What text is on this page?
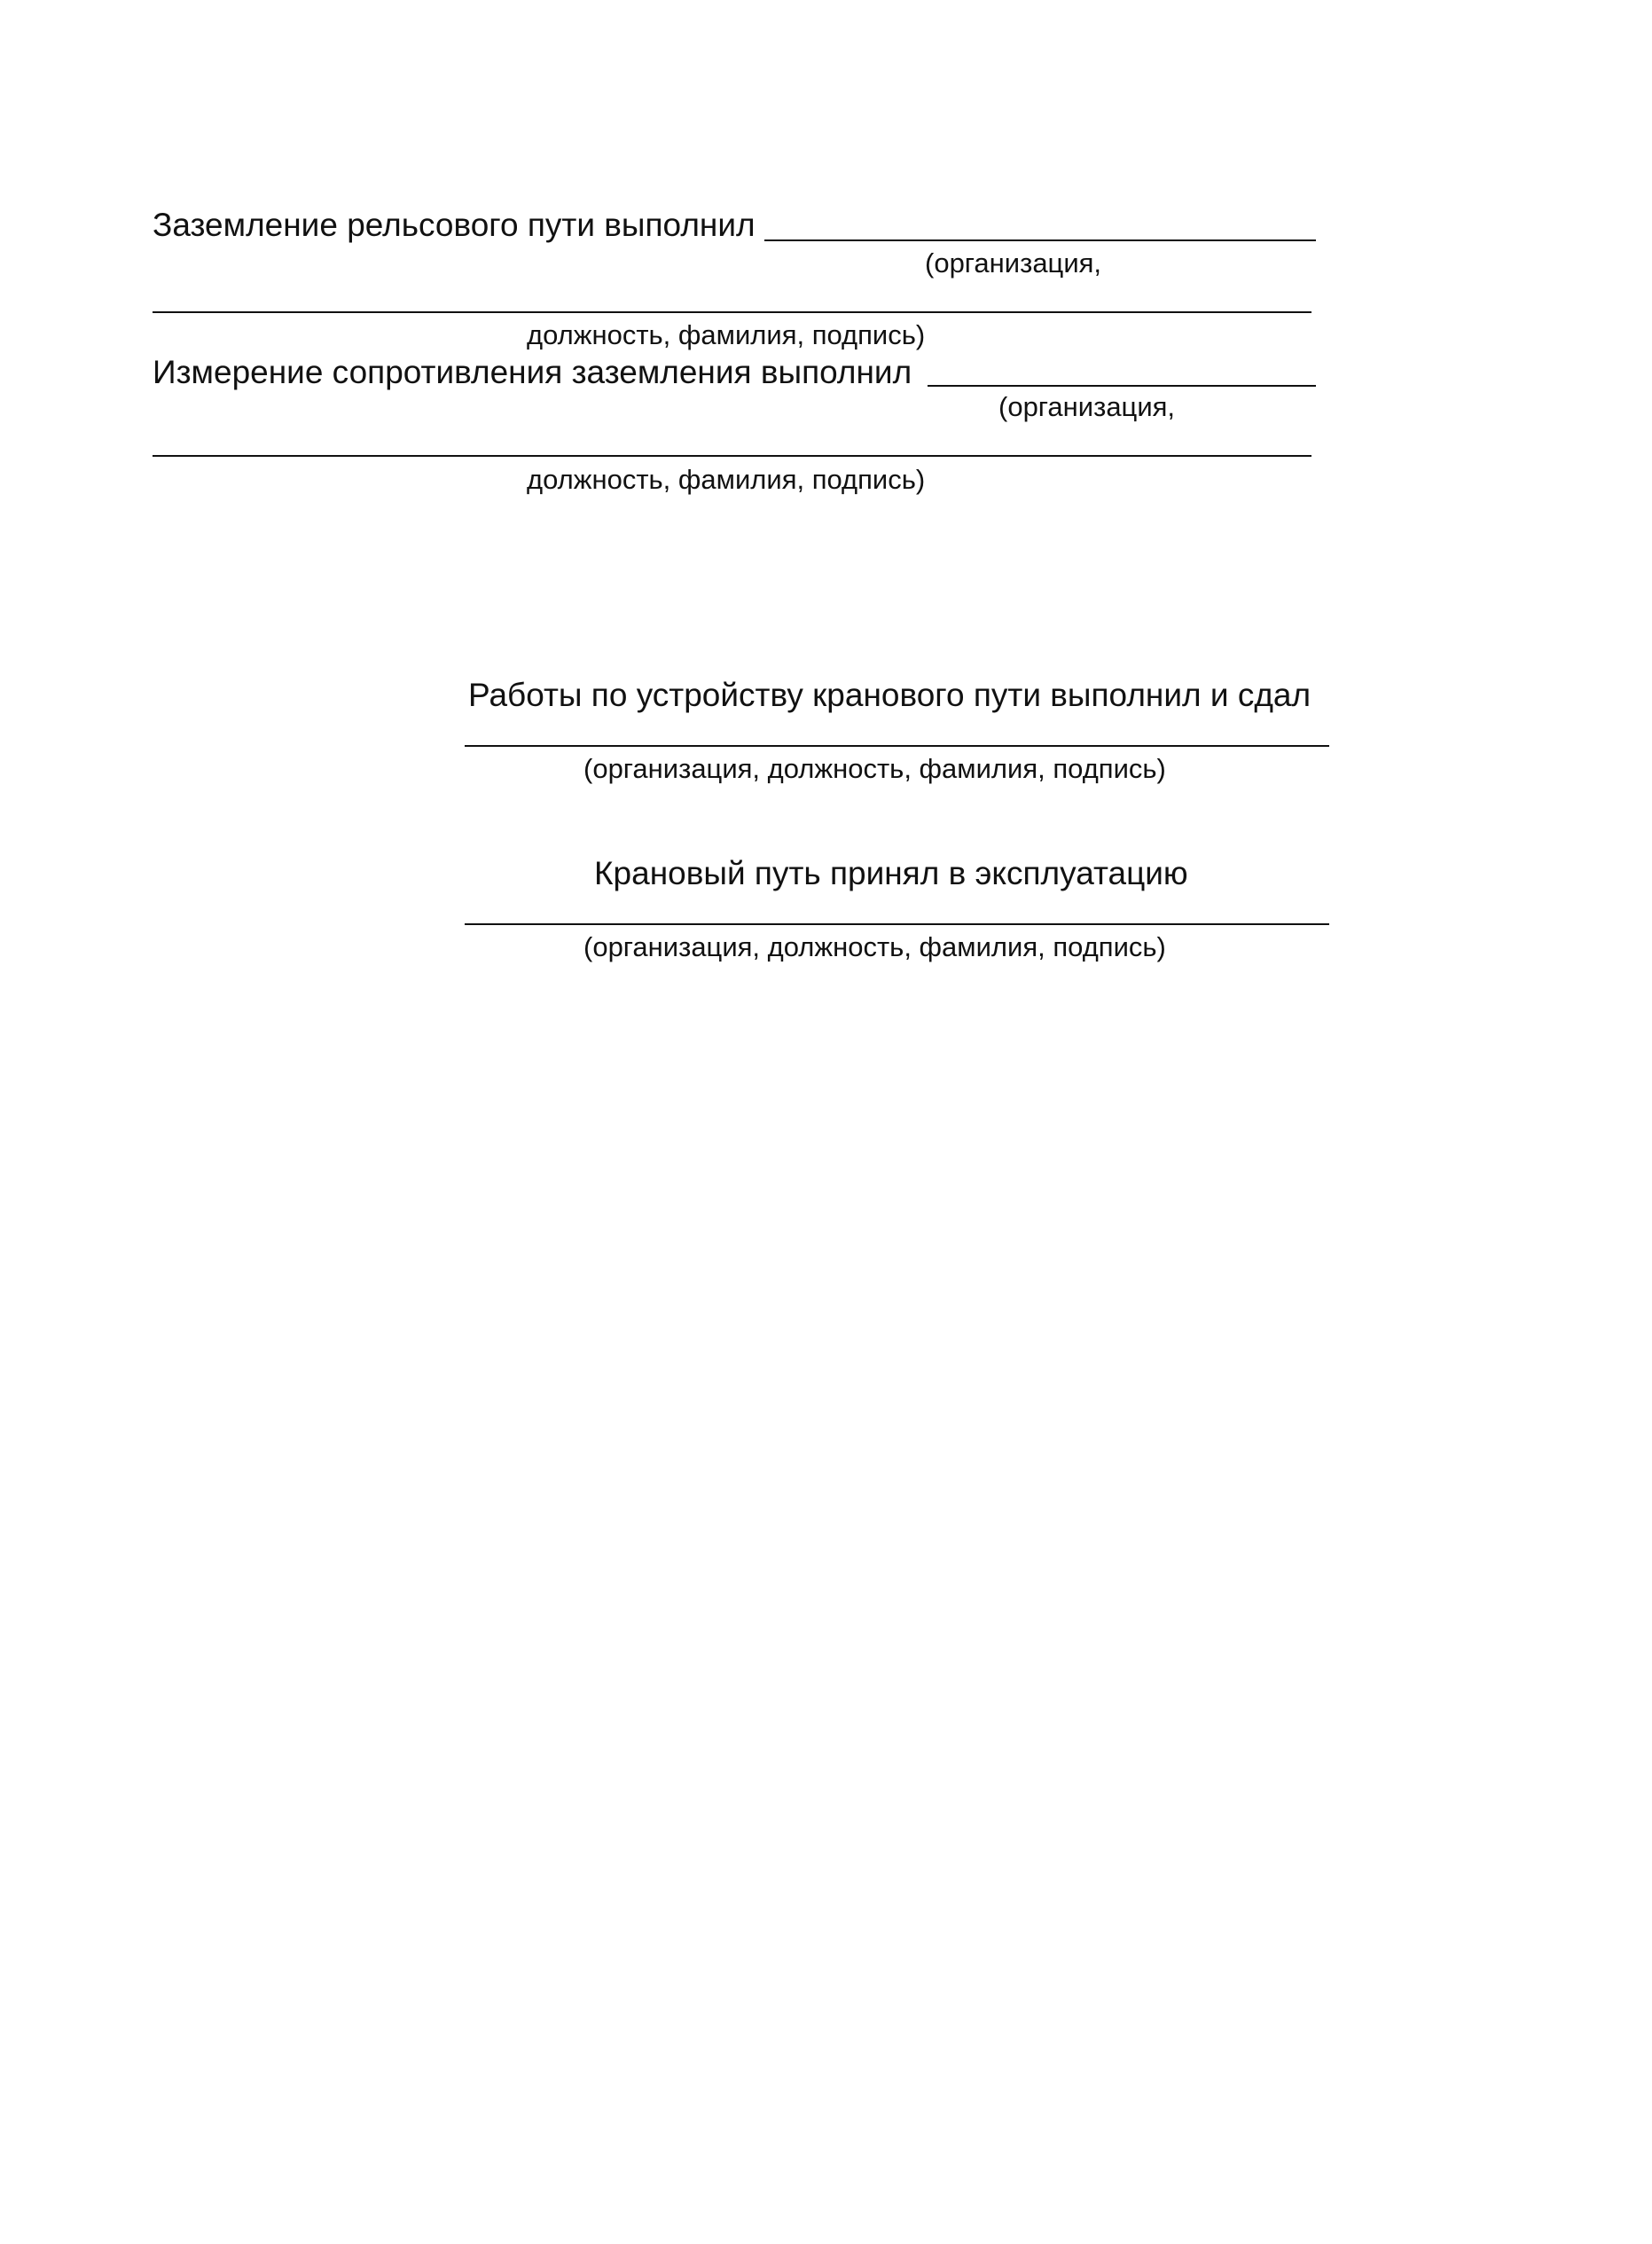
Заземление рельсового пути выполнил
(организация,
должность, фамилия, подпись)
Измерение сопротивления заземления выполнил
(организация,
должность, фамилия, подпись)
Работы по устройству кранового пути выполнил и сдал
(организация, должность, фамилия, подпись)
Крановый путь принял в эксплуатацию
(организация, должность, фамилия, подпись)
